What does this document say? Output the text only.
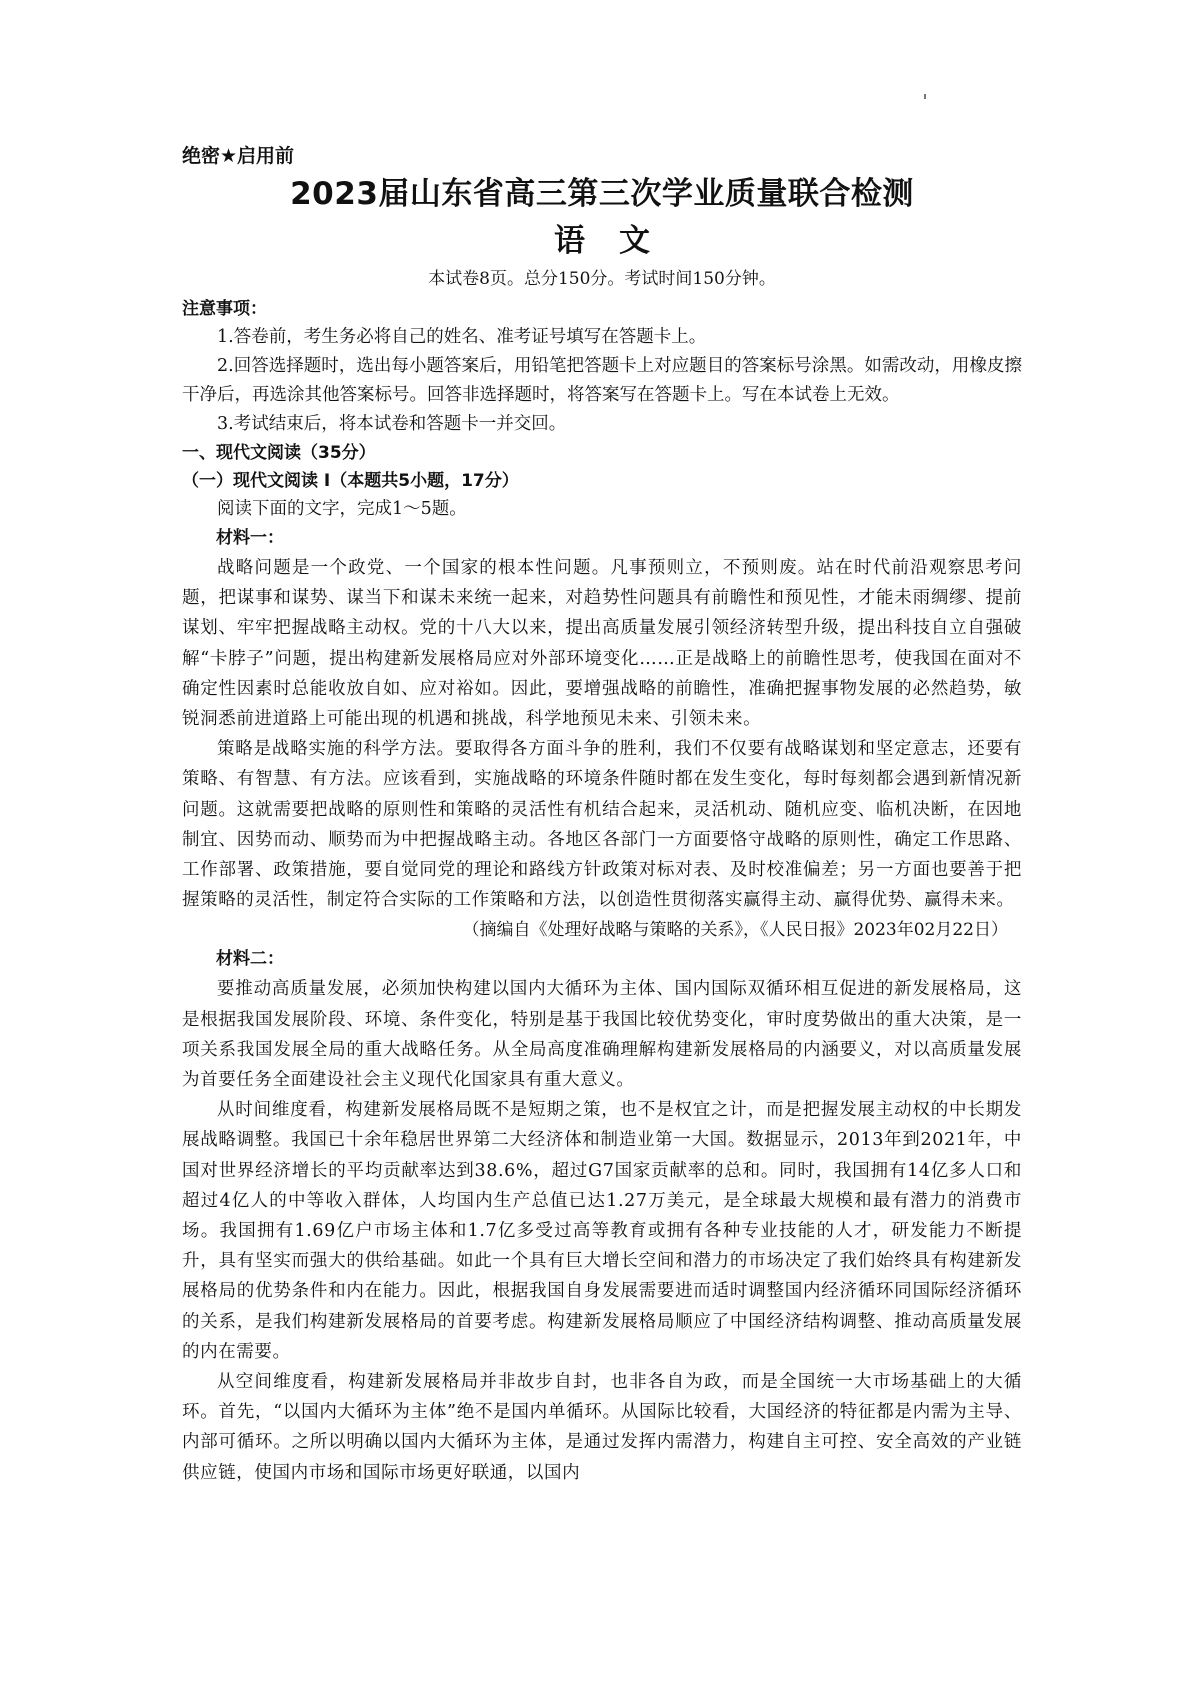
绝密★启用前

2023届山东省高三第三次学业质量联合检测
语文

本试卷8页。总分150分。考试时间150分钟。

注意事项：

1.答卷前，考生务必将自己的姓名、准考证号填写在答题卡上。

2.回答选择题时，选出每小题答案后，用铅笔把答题卡上对应题目的答案标号涂黑。如需改动，用橡皮擦干净后，再选涂其他答案标号。回答非选择题时，将答案写在答题卡上。写在本试卷上无效。

3.考试结束后，将本试卷和答题卡一并交回。

一、现代文阅读（35分）

（一）现代文阅读 I（本题共5小题，17分）

阅读下面的文字，完成1～5题。

材料一：

战略问题是一个政党、一个国家的根本性问题。凡事预则立，不预则废。站在时代前沿观察思考问题，把谋事和谋势、谋当下和谋未来统一起来，对趋势性问题具有前瞻性和预见性，才能未雨绸缪、提前谋划、牢牢把握战略主动权。党的十八大以来，提出高质量发展引领经济转型升级，提出科技自立自强破解“卡脖子”问题，提出构建新发展格局应对外部环境变化……正是战略上的前瞻性思考，使我国在面对不确定性因素时总能收放自如、应对裕如。因此，要增强战略的前瞻性，准确把握事物发展的必然趋势，敏锐洞悉前进道路上可能出现的机遇和挑战，科学地预见未来、引领未来。

策略是战略实施的科学方法。要取得各方面斗争的胜利，我们不仅要有战略谋划和坚定意志，还要有策略、有智慧、有方法。应该看到，实施战略的环境条件随时都在发生变化，每时每刻都会遇到新情况新问题。这就需要把战略的原则性和策略的灵活性有机结合起来，灵活机动、随机应变、临机决断，在因地制宜、因势而动、顺势而为中把握战略主动。各地区各部门一方面要恪守战略的原则性，确定工作思路、工作部署、政策措施，要自觉同党的理论和路线方针政策对标对表、及时校准偏差；另一方面也要善于把握策略的灵活性，制定符合实际的工作策略和方法，以创造性贯彻落实赢得主动、赢得优势、赢得未来。

（摘编自《处理好战略与策略的关系》，《人民日报》2023年02月22日）

材料二：

要推动高质量发展，必须加快构建以国内大循环为主体、国内国际双循环相互促进的新发展格局，这是根据我国发展阶段、环境、条件变化，特别是基于我国比较优势变化，审时度势做出的重大决策，是一项关系我国发展全局的重大战略任务。从全局高度准确理解构建新发展格局的内涵要义，对以高质量发展为首要任务全面建设社会主义现代化国家具有重大意义。

从时间维度看，构建新发展格局既不是短期之策，也不是权宜之计，而是把握发展主动权的中长期发展战略调整。我国已十余年稳居世界第二大经济体和制造业第一大国。数据显示，2013年到2021年，中国对世界经济增长的平均贡献率达到38.6%，超过G7国家贡献率的总和。同时，我国拥有14亿多人口和超过4亿人的中等收入群体，人均国内生产总值已达1.27万美元，是全球最大规模和最有潜力的消费市场。我国拥有1.69亿户市场主体和1.7亿多受过高等教育或拥有各种专业技能的人才，研发能力不断提升，具有坚实而强大的供给基础。如此一个具有巨大增长空间和潜力的市场决定了我们始终具有构建新发展格局的优势条件和内在能力。因此，根据我国自身发展需要进而适时调整国内经济循环同国际经济循环的关系，是我们构建新发展格局的首要考虑。构建新发展格局顺应了中国经济结构调整、推动高质量发展的内在需要。

从空间维度看，构建新发展格局并非故步自封，也非各自为政，而是全国统一大市场基础上的大循环。首先，“以国内大循环为主体”绝不是国内单循环。从国际比较看，大国经济的特征都是内需为主导、内部可循环。之所以明确以国内大循环为主体，是通过发挥内需潜力，构建自主可控、安全高效的产业链供应链，使国内市场和国际市场更好联通，以国内
